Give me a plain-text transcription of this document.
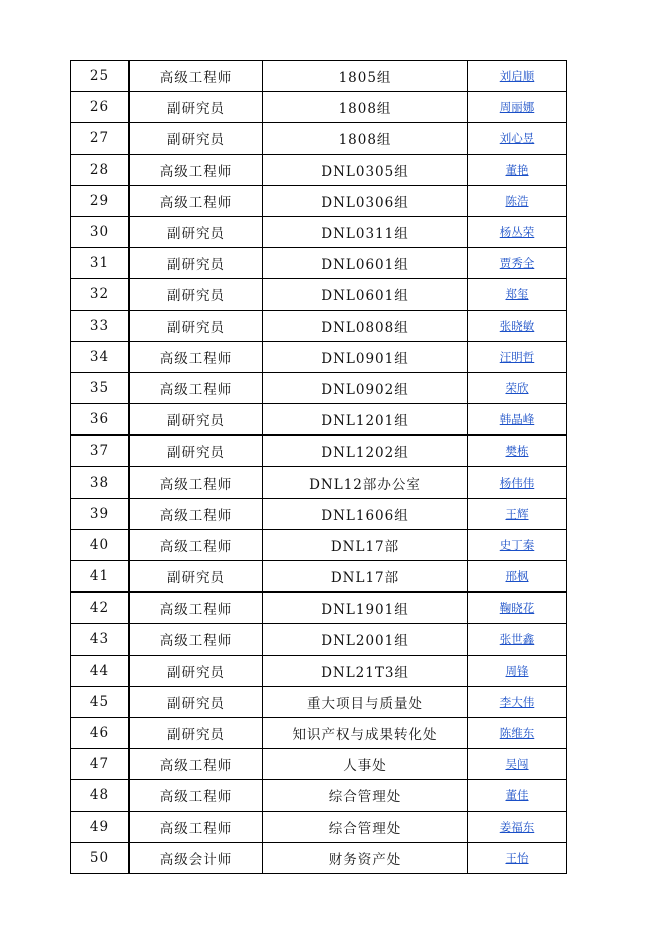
25	高级工程师	1805组	刘启顺
26	副研究员	1808组	周丽娜
27	副研究员	1808组	刘心昱
28	高级工程师	DNL0305组	董艳
29	高级工程师	DNL0306组	陈浩
30	副研究员	DNL0311组	杨丛荣
31	副研究员	DNL0601组	贾秀全
32	副研究员	DNL0601组	郑玺
33	副研究员	DNL0808组	张晓敏
34	高级工程师	DNL0901组	汪明哲
35	高级工程师	DNL0902组	荣欣
36	副研究员	DNL1201组	韩晶峰
37	副研究员	DNL1202组	樊栋
38	高级工程师	DNL12部办公室	杨伟伟
39	高级工程师	DNL1606组	王辉
40	高级工程师	DNL17部	史丁秦
41	副研究员	DNL17部	邢枫
42	高级工程师	DNL1901组	鞠晓花
43	高级工程师	DNL2001组	张世鑫
44	副研究员	DNL21T3组	周锋
45	副研究员	重大项目与质量处	李大伟
46	副研究员	知识产权与成果转化处	陈维东
47	高级工程师	人事处	吴闯
48	高级工程师	综合管理处	董佳
49	高级工程师	综合管理处	姜福东
50	高级会计师	财务资产处	王怡
